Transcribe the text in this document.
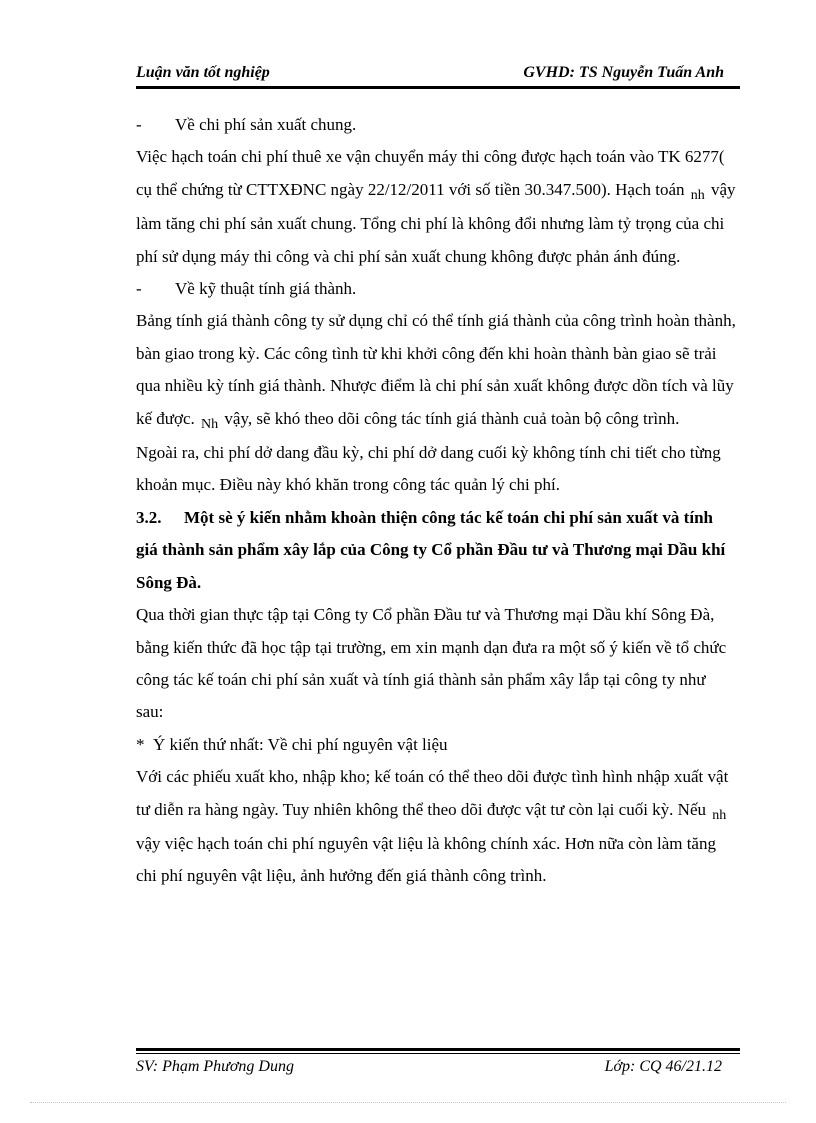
Luận văn tốt nghiệp	GVHD: TS Nguyễn Tuấn Anh

- Về chi phí sản xuất chung.

Việc hạch toán chi phí thuê xe vận chuyển máy thi công được hạch toán vào TK 6277( cụ thể chứng từ CTTXĐNC ngày 22/12/2011 với số tiền 30.347.500). Hạch toán $_{nh}$ vậy làm tăng chi phí sản xuất chung. Tổng chi phí là không đổi nhưng làm tỷ trọng của chi phí sử dụng máy thi công và chi phí sản xuất chung không được phản ánh đúng.

- Về kỹ thuật tính giá thành.

Bảng tính giá thành công ty sử dụng chỉ có thể tính giá thành của công trình hoàn thành, bàn giao trong kỳ. Các công tình từ khi khởi công đến khi hoàn thành bàn giao sẽ trải qua nhiều kỳ tính giá thành. Nhược điểm là chi phí sản xuất không được dồn tích và lũy kế được. $_{Nh}$ vậy, sẽ khó theo dõi công tác tính giá thành cuả toàn bộ công trình.

Ngoài ra, chi phí dở dang đầu kỳ, chi phí dở dang cuối kỳ không tính chi tiết cho từng khoản mục. Điều này khó khăn trong công tác quản lý chi phí.

3.2. Một sè ý kiến nhằm khoàn thiện công tác kế toán chi phí sản xuất và tính giá thành sản phẩm xây lắp của Công ty Cổ phần Đầu tư và Thương mại Dầu khí Sông Đà.

Qua thời gian thực tập tại Công ty Cổ phần Đầu tư và Thương mại Dầu khí Sông Đà, bằng kiến thức đã học tập tại trường, em xin mạnh dạn đưa ra một số ý kiến về tổ chức công tác kế toán chi phí sản xuất và tính giá thành sản phẩm xây lắp tại công ty như sau:

* Ý kiến thứ nhất: Về chi phí nguyên vật liệu

Với các phiếu xuất kho, nhập kho; kế toán có thể theo dõi được tình hình nhập xuất vật tư diễn ra hàng ngày. Tuy nhiên không thể theo dõi được vật tư còn lại cuối kỳ. Nếu $_{nh}$ vậy việc hạch toán chi phí nguyên vật liệu là không chính xác. Hơn nữa còn làm tăng chi phí nguyên vật liệu, ảnh hưởng đến giá thành công trình.

SV: Phạm Phương Dung	Lớp: CQ 46/21.12
